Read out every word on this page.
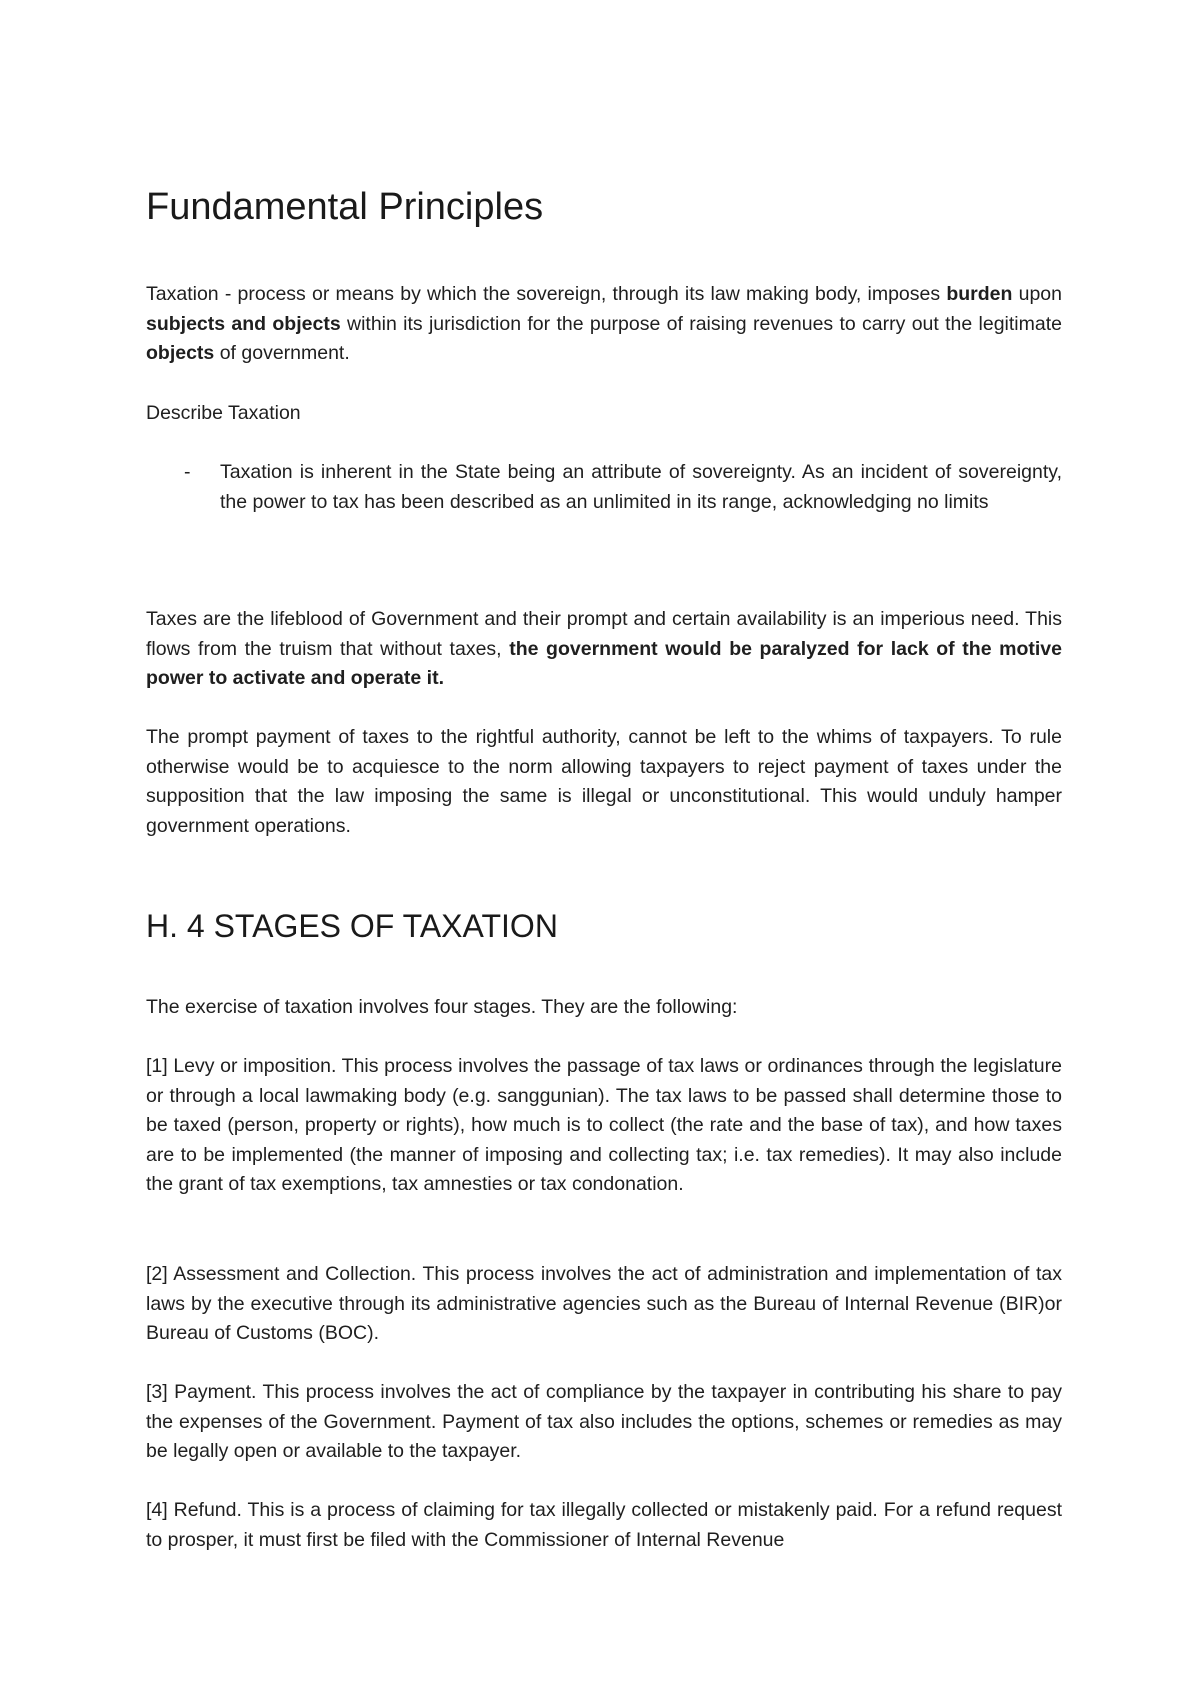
Fundamental Principles

Taxation - process or means by which the sovereign, through its law making body, imposes burden upon subjects and objects within its jurisdiction for the purpose of raising revenues to carry out the legitimate objects of government.

Describe Taxation

-	Taxation is inherent in the State being an attribute of sovereignty. As an incident of sovereignty, the power to tax has been described as an unlimited in its range, acknowledging no limits

Taxes are the lifeblood of Government and their prompt and certain availability is an imperious need. This flows from the truism that without taxes, the government would be paralyzed for lack of the motive power to activate and operate it.

The prompt payment of taxes to the rightful authority, cannot be left to the whims of taxpayers. To rule otherwise would be to acquiesce to the norm allowing taxpayers to reject payment of taxes under the supposition that the law imposing the same is illegal or unconstitutional. This would unduly hamper government operations.

H. 4 STAGES OF TAXATION

The exercise of taxation involves four stages. They are the following:

[1] Levy or imposition. This process involves the passage of tax laws or ordinances through the legislature or through a local lawmaking body (e.g. sanggunian). The tax laws to be passed shall determine those to be taxed (person, property or rights), how much is to collect (the rate and the base of tax), and how taxes are to be implemented (the manner of imposing and collecting tax; i.e. tax remedies). It may also include the grant of tax exemptions, tax amnesties or tax condonation.

[2] Assessment and Collection. This process involves the act of administration and implementation of tax laws by the executive through its administrative agencies such as the Bureau of Internal Revenue (BIR)or Bureau of Customs (BOC).

[3] Payment. This process involves the act of compliance by the taxpayer in contributing his share to pay the expenses of the Government. Payment of tax also includes the options, schemes or remedies as may be legally open or available to the taxpayer.

[4] Refund. This is a process of claiming for tax illegally collected or mistakenly paid. For a refund request to prosper, it must first be filed with the Commissioner of Internal Revenue
